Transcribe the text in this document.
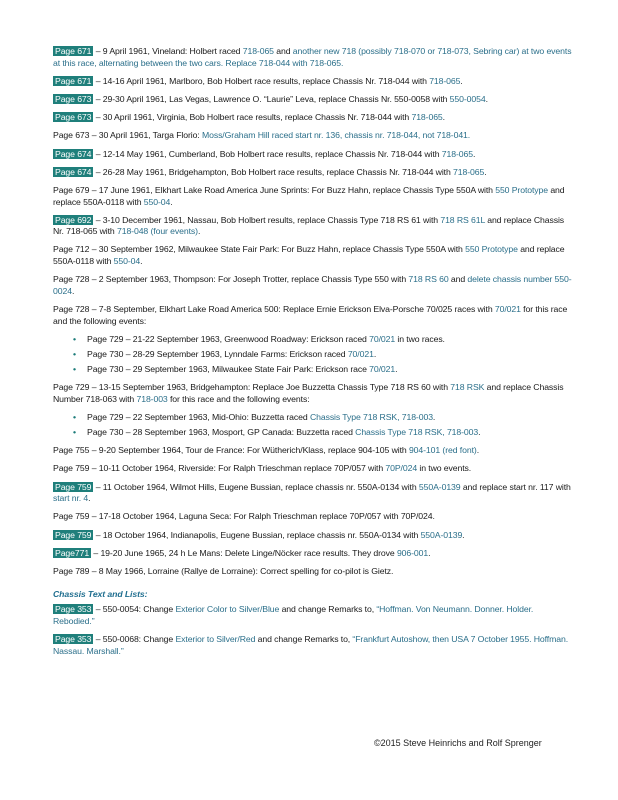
Page 671 – 9 April 1961, Vineland: Holbert raced 718-065 and another new 718 (possibly 718-070 or 718-073, Sebring car) at two events at this race, alternating between the two cars. Replace 718-044 with 718-065.
Page 671 – 14-16 April 1961, Marlboro, Bob Holbert race results, replace Chassis Nr. 718-044 with 718-065.
Page 673 – 29-30 April 1961, Las Vegas, Lawrence O. “Laurie” Leva, replace Chassis Nr. 550-0058 with 550-0054.
Page 673 – 30 April 1961, Virginia, Bob Holbert race results, replace Chassis Nr. 718-044 with 718-065.
Page 673 – 30 April 1961, Targa Florio: Moss/Graham Hill raced start nr. 136, chassis nr. 718-044, not 718-041.
Page 674 – 12-14 May 1961, Cumberland, Bob Holbert race results, replace Chassis Nr. 718-044 with 718-065.
Page 674 – 26-28 May 1961, Bridgehampton, Bob Holbert race results, replace Chassis Nr. 718-044 with 718-065.
Page 679 – 17 June 1961, Elkhart Lake Road America June Sprints: For Buzz Hahn, replace Chassis Type 550A with 550 Prototype and replace 550A-0118 with 550-04.
Page 692 – 3-10 December 1961, Nassau, Bob Holbert results, replace Chassis Type 718 RS 61 with 718 RS 61L and replace Chassis Nr. 718-065 with 718-048 (four events).
Page 712 – 30 September 1962, Milwaukee State Fair Park: For Buzz Hahn, replace Chassis Type 550A with 550 Prototype and replace 550A-0118 with 550-04.
Page 728 – 2 September 1963, Thompson: For Joseph Trotter, replace Chassis Type 550 with 718 RS 60 and delete chassis number 550-0024.
Page 728 – 7-8 September, Elkhart Lake Road America 500: Replace Ernie Erickson Elva-Porsche 70/025 races with 70/021 for this race and the following events:
• Page 729 – 21-22 September 1963, Greenwood Roadway: Erickson raced 70/021 in two races.
• Page 730 – 28-29 September 1963, Lynndale Farms: Erickson raced 70/021.
• Page 730 – 29 September 1963, Milwaukee State Fair Park: Erickson race 70/021.
Page 729 – 13-15 September 1963, Bridgehampton: Replace Joe Buzzetta Chassis Type 718 RS 60 with 718 RSK and replace Chassis Number 718-063 with 718-003 for this race and the following events:
• Page 729 – 22 September 1963, Mid-Ohio: Buzzetta raced Chassis Type 718 RSK, 718-003.
• Page 730 – 28 September 1963, Mosport, GP Canada: Buzzetta raced Chassis Type 718 RSK, 718-003.
Page 755 – 9-20 September 1964, Tour de France: For Wütherich/Klass, replace 904-105 with 904-101 (red font).
Page 759 – 10-11 October 1964, Riverside: For Ralph Trieschman replace 70P/057 with 70P/024 in two events.
Page 759 – 11 October 1964, Wilmot Hills, Eugene Bussian, replace chassis nr. 550A-0134 with 550A-0139 and replace start nr. 117 with start nr. 4.
Page 759 – 17-18 October 1964, Laguna Seca: For Ralph Trieschman replace 70P/057 with 70P/024.
Page 759 – 18 October 1964, Indianapolis, Eugene Bussian, replace chassis nr. 550A-0134 with 550A-0139.
Page771 – 19-20 June 1965, 24 h Le Mans: Delete Linge/Nöcker race results. They drove 906-001.
Page 789 – 8 May 1966, Lorraine (Rallye de Lorraine): Correct spelling for co-pilot is Gietz.
Chassis Text and Lists:
Page 353 – 550-0054: Change Exterior Color to Silver/Blue and change Remarks to, “Hoffman. Von Neumann. Donner. Holder. Rebodied.”
Page 353 – 550-0068: Change Exterior to Silver/Red and change Remarks to, “Frankfurt Autoshow, then USA 7 October 1955. Hoffman. Nassau. Marshall.”
©2015 Steve Heinrichs and Rolf Sprenger
